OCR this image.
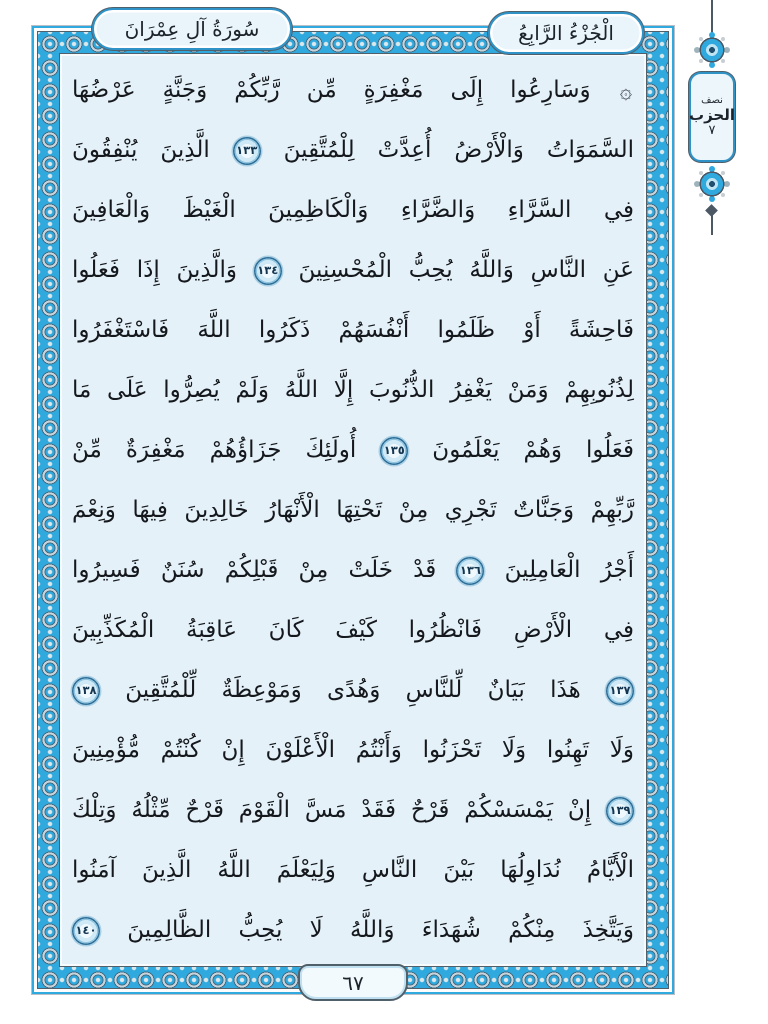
سُورَةُ آلِ عِمْرَانَ	الْجُزْءُ الرَّابِعُ
نصف
الحزب
٧
۞ وَسَارِعُوا إِلَى مَغْفِرَةٍ مِّن رَّبِّكُمْ وَجَنَّةٍ عَرْضُهَا
السَّمَوَاتُ وَالْأَرْضُ أُعِدَّتْ لِلْمُتَّقِينَ ١٣٣ الَّذِينَ يُنْفِقُونَ
فِي السَّرَّاءِ وَالضَّرَّاءِ وَالْكَاظِمِينَ الْغَيْظَ وَالْعَافِينَ
عَنِ النَّاسِ وَاللَّهُ يُحِبُّ الْمُحْسِنِينَ ١٣٤ وَالَّذِينَ إِذَا فَعَلُوا
فَاحِشَةً أَوْ ظَلَمُوا أَنْفُسَهُمْ ذَكَرُوا اللَّهَ فَاسْتَغْفَرُوا
لِذُنُوبِهِمْ وَمَنْ يَغْفِرُ الذُّنُوبَ إِلَّا اللَّهُ وَلَمْ يُصِرُّوا عَلَى مَا
فَعَلُوا وَهُمْ يَعْلَمُونَ ١٣٥ أُولَئِكَ جَزَاؤُهُمْ مَغْفِرَةٌ مِّنْ
رَّبِّهِمْ وَجَنَّاتٌ تَجْرِي مِنْ تَحْتِهَا الْأَنْهَارُ خَالِدِينَ فِيهَا وَنِعْمَ
أَجْرُ الْعَامِلِينَ ١٣٦ قَدْ خَلَتْ مِنْ قَبْلِكُمْ سُنَنٌ فَسِيرُوا
فِي الْأَرْضِ فَانْظُرُوا كَيْفَ كَانَ عَاقِبَةُ الْمُكَذِّبِينَ
١٣٧ هَذَا بَيَانٌ لِّلنَّاسِ وَهُدًى وَمَوْعِظَةٌ لِّلْمُتَّقِينَ ١٣٨
وَلَا تَهِنُوا وَلَا تَحْزَنُوا وَأَنْتُمُ الْأَعْلَوْنَ إِنْ كُنْتُمْ مُّؤْمِنِينَ
١٣٩ إِنْ يَمْسَسْكُمْ قَرْحٌ فَقَدْ مَسَّ الْقَوْمَ قَرْحٌ مِّثْلُهُ وَتِلْكَ
الْأَيَّامُ نُدَاوِلُهَا بَيْنَ النَّاسِ وَلِيَعْلَمَ اللَّهُ الَّذِينَ آمَنُوا
وَيَتَّخِذَ مِنْكُمْ شُهَدَاءَ وَاللَّهُ لَا يُحِبُّ الظَّالِمِينَ ١٤٠
٦٧
